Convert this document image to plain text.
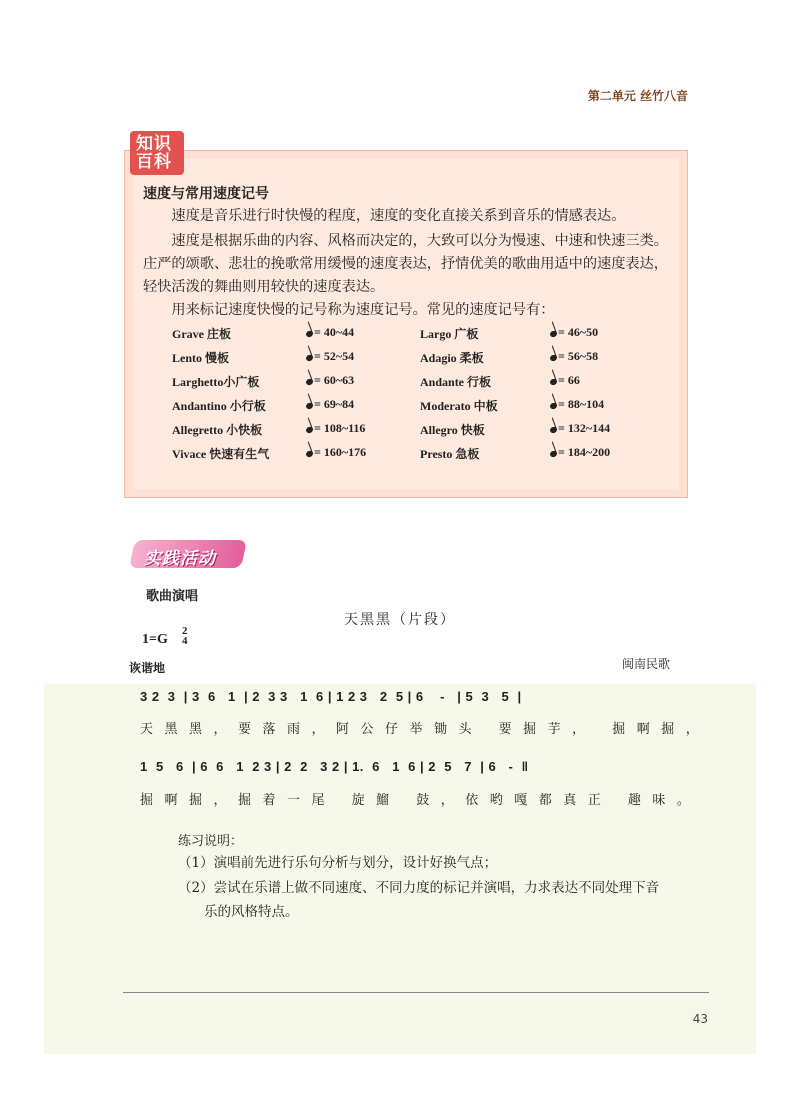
第二单元 丝竹八音
知识百科
速度与常用速度记号
速度是音乐进行时快慢的程度，速度的变化直接关系到音乐的情感表达。
速度是根据乐曲的内容、风格而决定的，大致可以分为慢速、中速和快速三类。庄严的颂歌、悲壮的挽歌常用缓慢的速度表达，抒情优美的歌曲用适中的速度表达，轻快活泼的舞曲则用较快的速度表达。
用来标记速度快慢的记号称为速度记号。常见的速度记号有：
Grave 庄板	= 40~44	Largo 广板	= 46~50
Lento 慢板	= 52~54	Adagio 柔板	= 56~58
Larghetto小广板	= 60~63	Andante 行板	= 66
Andantino 小行板	= 69~84	Moderato 中板	= 88~104
Allegretto 小快板	= 108~116	Allegro 快板	= 132~144
Vivace 快速有生气	= 160~176	Presto 急板	= 184~200
实践活动
歌曲演唱
天黑黑（片段）
1=G
2
4
诙谐地	闽南民歌
3 2  3  | 3  6   1  | 2  3 3   1  6 | 1 2 3   2  5 | 6    -   | 5  3   5  |
天黑黑，要落雨，阿公仔举锄头 要掘芋， 掘啊掘，
1  5   6  | 6  6   1  2 3 | 2  2   3 2 | 1.  6   1  6 | 2  5   7  | 6   -  ‖
掘啊掘，掘着一尾 旋鰡 鼓，依哟嘎都真正 趣味。
练习说明：
（1）演唱前先进行乐句分析与划分，设计好换气点；
（2）尝试在乐谱上做不同速度、不同力度的标记并演唱，力求表达不同处理下音
乐的风格特点。
43
